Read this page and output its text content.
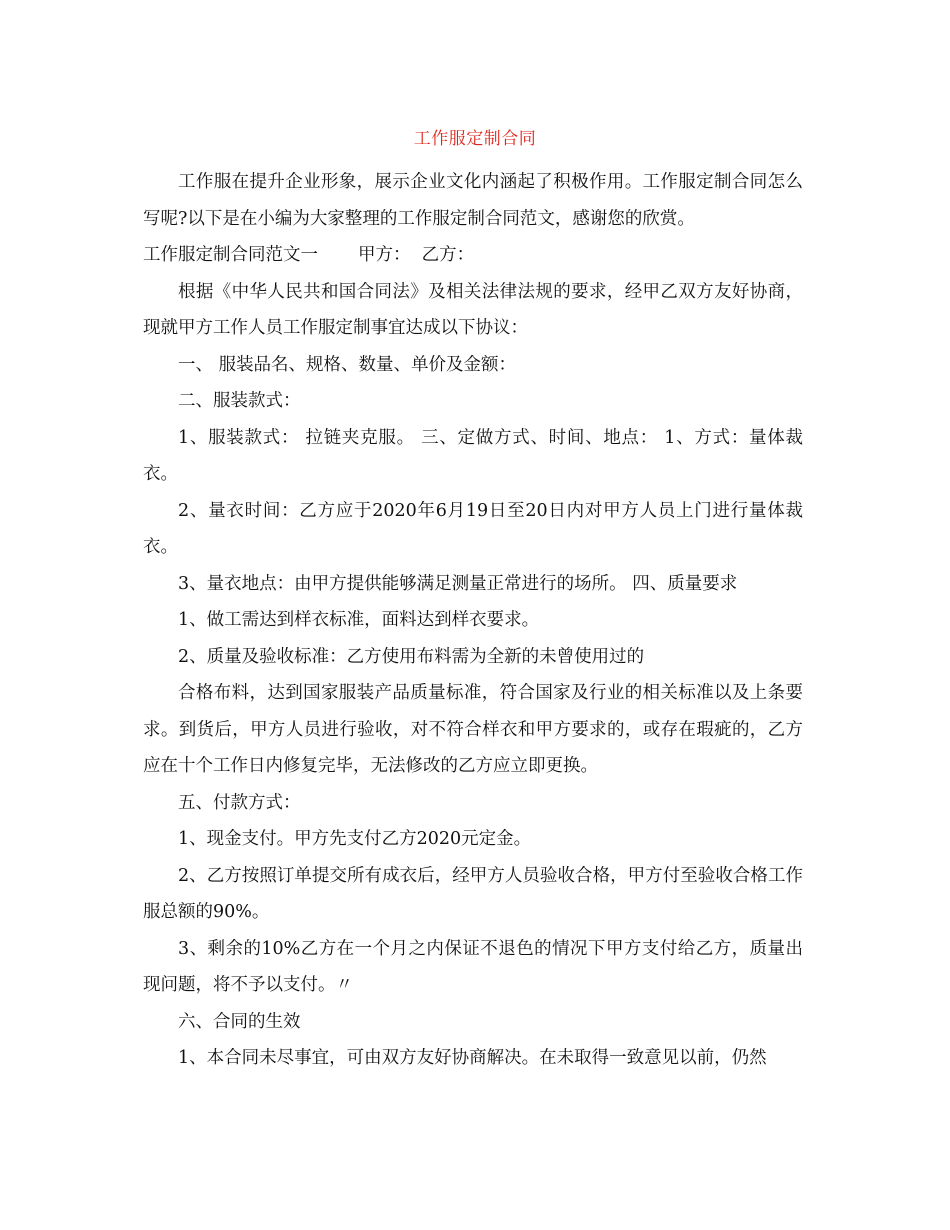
工作服定制合同

工作服在提升企业形象，展示企业文化内涵起了积极作用。工作服定制合同怎么写呢?以下是在小编为大家整理的工作服定制合同范文，感谢您的欣赏。

工作服定制合同范文一 甲方： 乙方：

根据《中华人民共和国合同法》及相关法律法规的要求，经甲乙双方友好协商，现就甲方工作人员工作服定制事宜达成以下协议：

一、 服装品名、规格、数量、单价及金额：

二、服装款式：

1、服装款式： 拉链夹克服。 三、定做方式、时间、地点： 1、方式：量体裁衣。

2、量衣时间：乙方应于2020年6月19日至20日内对甲方人员上门进行量体裁衣。

3、量衣地点：由甲方提供能够满足测量正常进行的场所。 四、质量要求

1、做工需达到样衣标准，面料达到样衣要求。

2、质量及验收标准：乙方使用布料需为全新的未曾使用过的

合格布料，达到国家服装产品质量标准，符合国家及行业的相关标准以及上条要求。到货后，甲方人员进行验收，对不符合样衣和甲方要求的，或存在瑕疵的，乙方应在十个工作日内修复完毕，无法修改的乙方应立即更换。

五、付款方式：

1、现金支付。甲方先支付乙方2020元定金。

2、乙方按照订单提交所有成衣后，经甲方人员验收合格，甲方付至验收合格工作服总额的90%。

3、剩余的10%乙方在一个月之内保证不退色的情况下甲方支付给乙方，质量出现问题，将不予以支付。〃

六、合同的生效

1、本合同未尽事宜，可由双方友好协商解决。在未取得一致意见以前，仍然
